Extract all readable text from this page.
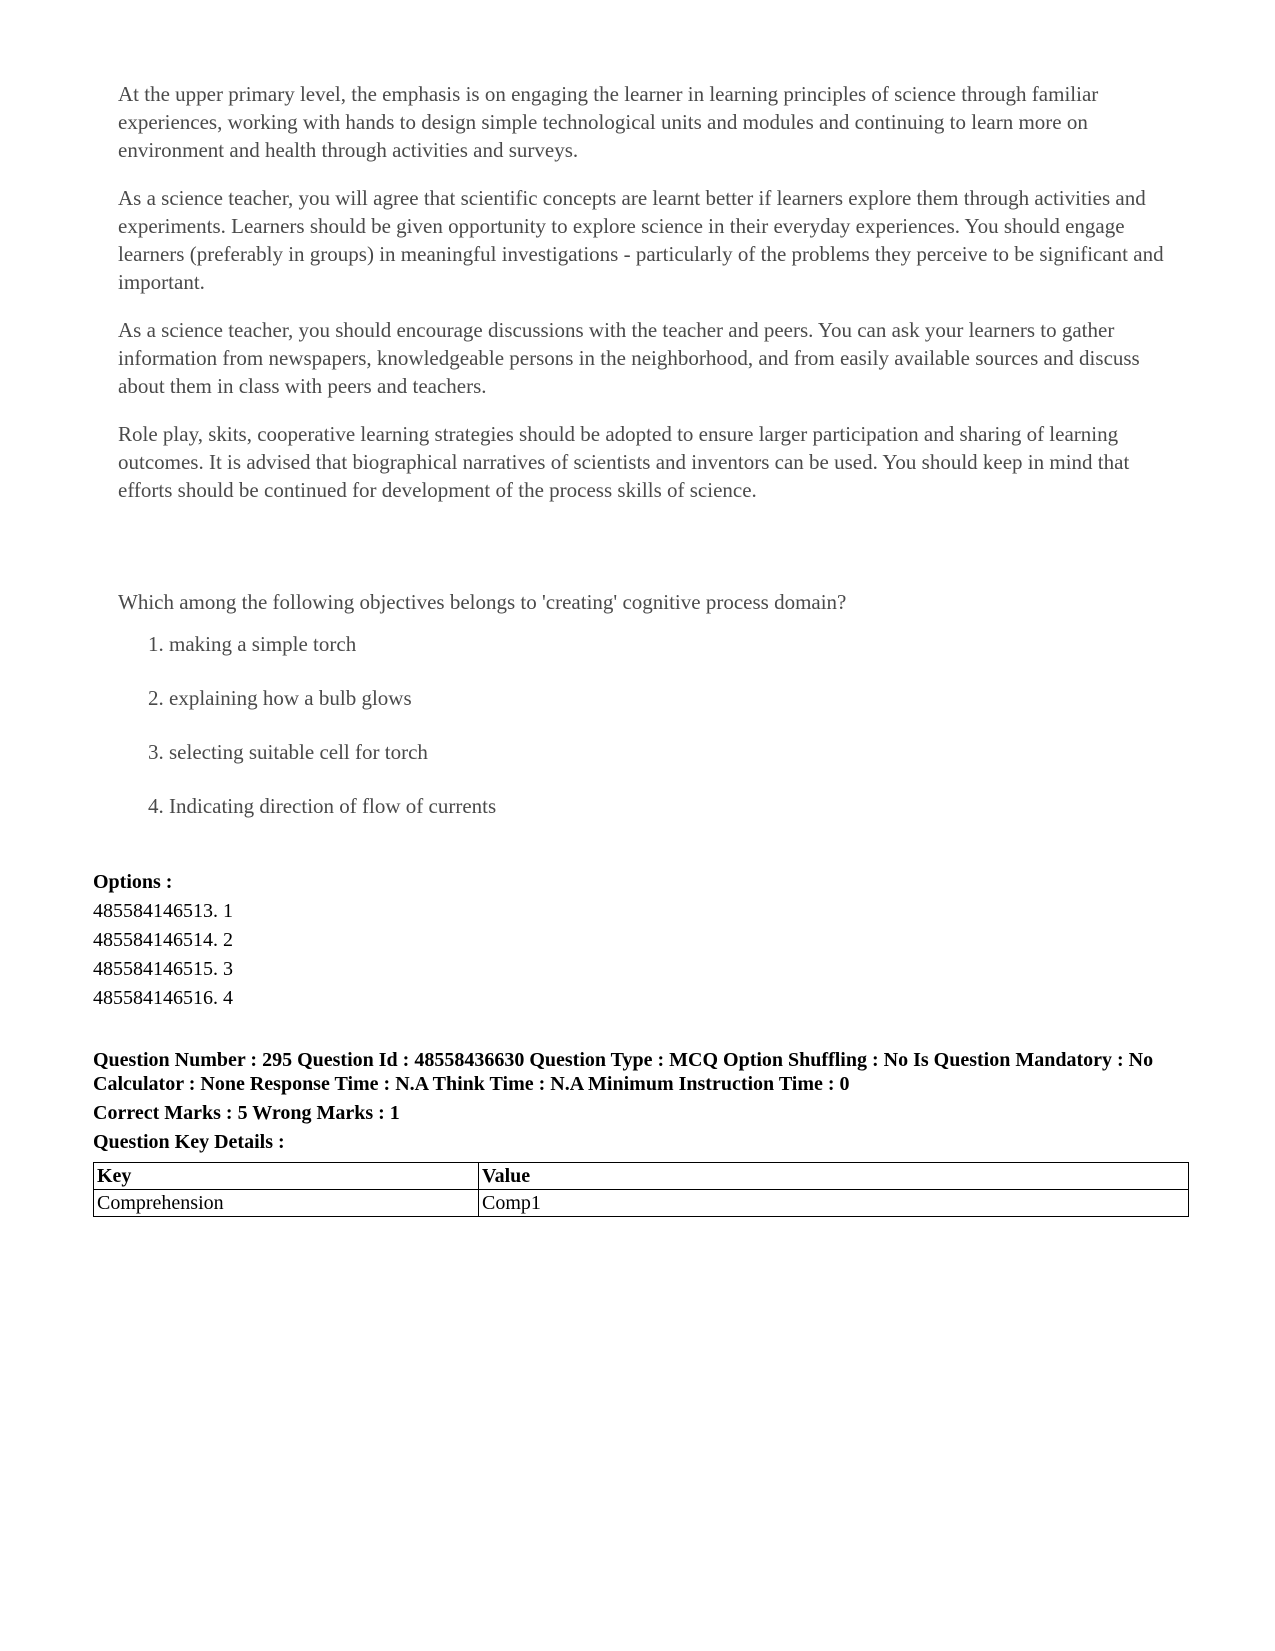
At the upper primary level, the emphasis is on engaging the learner in learning principles of science through familiar experiences, working with hands to design simple technological units and modules and continuing to learn more on environment and health through activities and surveys.

As a science teacher, you will agree that scientific concepts are learnt better if learners explore them through activities and experiments. Learners should be given opportunity to explore science in their everyday experiences. You should engage learners (preferably in groups) in meaningful investigations - particularly of the problems they perceive to be significant and important.

As a science teacher, you should encourage discussions with the teacher and peers. You can ask your learners to gather information from newspapers, knowledgeable persons in the neighborhood, and from easily available sources and discuss about them in class with peers and teachers.

Role play, skits, cooperative learning strategies should be adopted to ensure larger participation and sharing of learning outcomes. It is advised that biographical narratives of scientists and inventors can be used. You should keep in mind that efforts should be continued for development of the process skills of science.

Which among the following objectives belongs to 'creating' cognitive process domain?
1. making a simple torch
2. explaining how a bulb glows
3. selecting suitable cell for torch
4. Indicating direction of flow of currents
Options :
485584146513. 1
485584146514. 2
485584146515. 3
485584146516. 4
Question Number : 295 Question Id : 48558436630 Question Type : MCQ Option Shuffling : No Is Question Mandatory : No Calculator : None Response Time : N.A Think Time : N.A Minimum Instruction Time : 0
Correct Marks : 5 Wrong Marks : 1
Question Key Details :
Key	Value
Comprehension	Comp1
